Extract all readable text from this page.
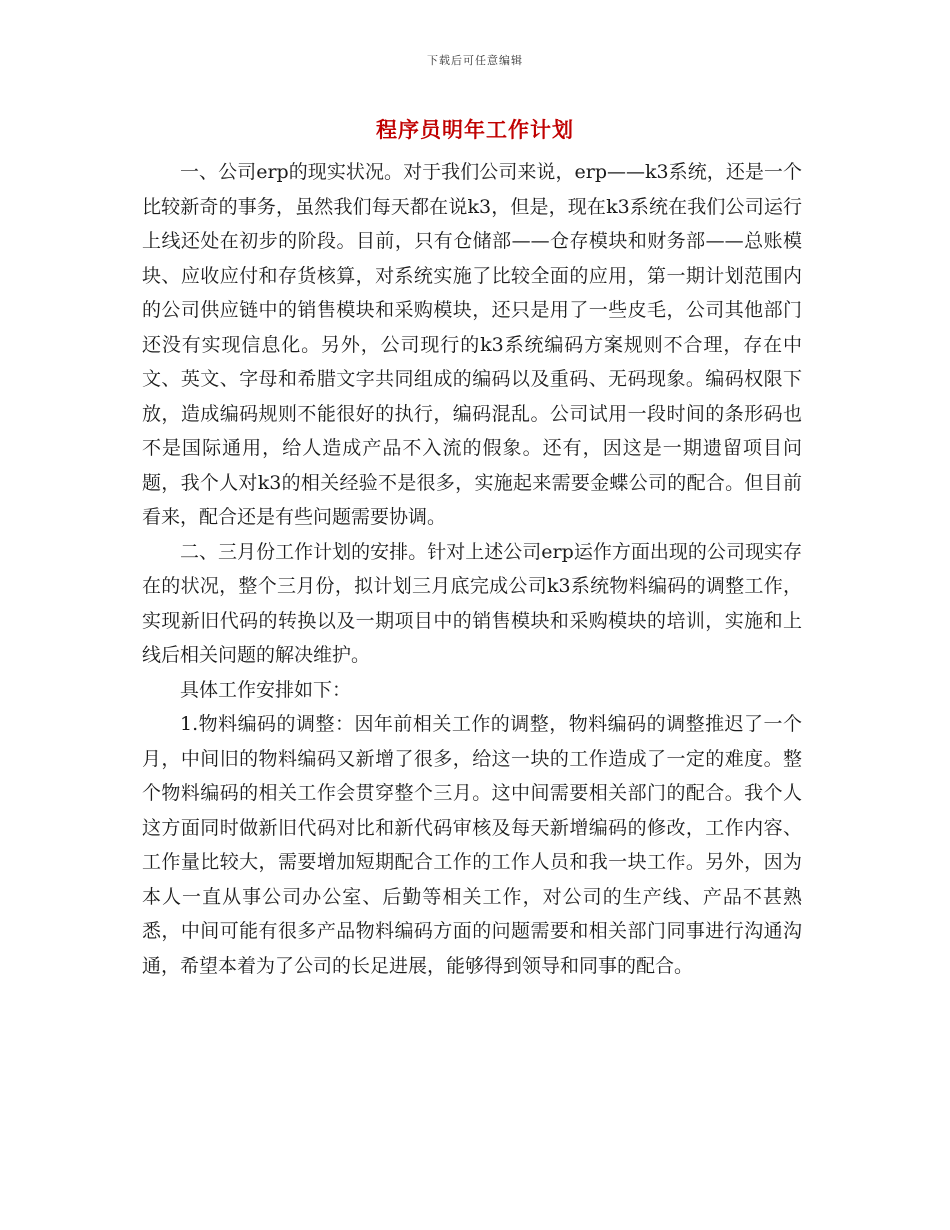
下载后可任意编辑
程序员明年工作计划

一、公司erp的现实状况。对于我们公司来说，erp——k3系统，还是一个比较新奇的事务，虽然我们每天都在说k3，但是，现在k3系统在我们公司运行上线还处在初步的阶段。目前，只有仓储部——仓存模块和财务部——总账模块、应收应付和存货核算，对系统实施了比较全面的应用，第一期计划范围内的公司供应链中的销售模块和采购模块，还只是用了一些皮毛，公司其他部门还没有实现信息化。另外，公司现行的k3系统编码方案规则不合理，存在中文、英文、字母和希腊文字共同组成的编码以及重码、无码现象。编码权限下放，造成编码规则不能很好的执行，编码混乱。公司试用一段时间的条形码也不是国际通用，给人造成产品不入流的假象。还有，因这是一期遗留项目问题，我个人对k3的相关经验不是很多，实施起来需要金蝶公司的配合。但目前看来，配合还是有些问题需要协调。

二、三月份工作计划的安排。针对上述公司erp运作方面出现的公司现实存在的状况，整个三月份，拟计划三月底完成公司k3系统物料编码的调整工作，实现新旧代码的转换以及一期项目中的销售模块和采购模块的培训，实施和上线后相关问题的解决维护。

具体工作安排如下：

1.物料编码的调整：因年前相关工作的调整，物料编码的调整推迟了一个月，中间旧的物料编码又新增了很多，给这一块的工作造成了一定的难度。整个物料编码的相关工作会贯穿整个三月。这中间需要相关部门的配合。我个人这方面同时做新旧代码对比和新代码审核及每天新增编码的修改，工作内容、工作量比较大，需要增加短期配合工作的工作人员和我一块工作。另外，因为本人一直从事公司办公室、后勤等相关工作，对公司的生产线、产品不甚熟悉，中间可能有很多产品物料编码方面的问题需要和相关部门同事进行沟通沟通，希望本着为了公司的长足进展，能够得到领导和同事的配合。
